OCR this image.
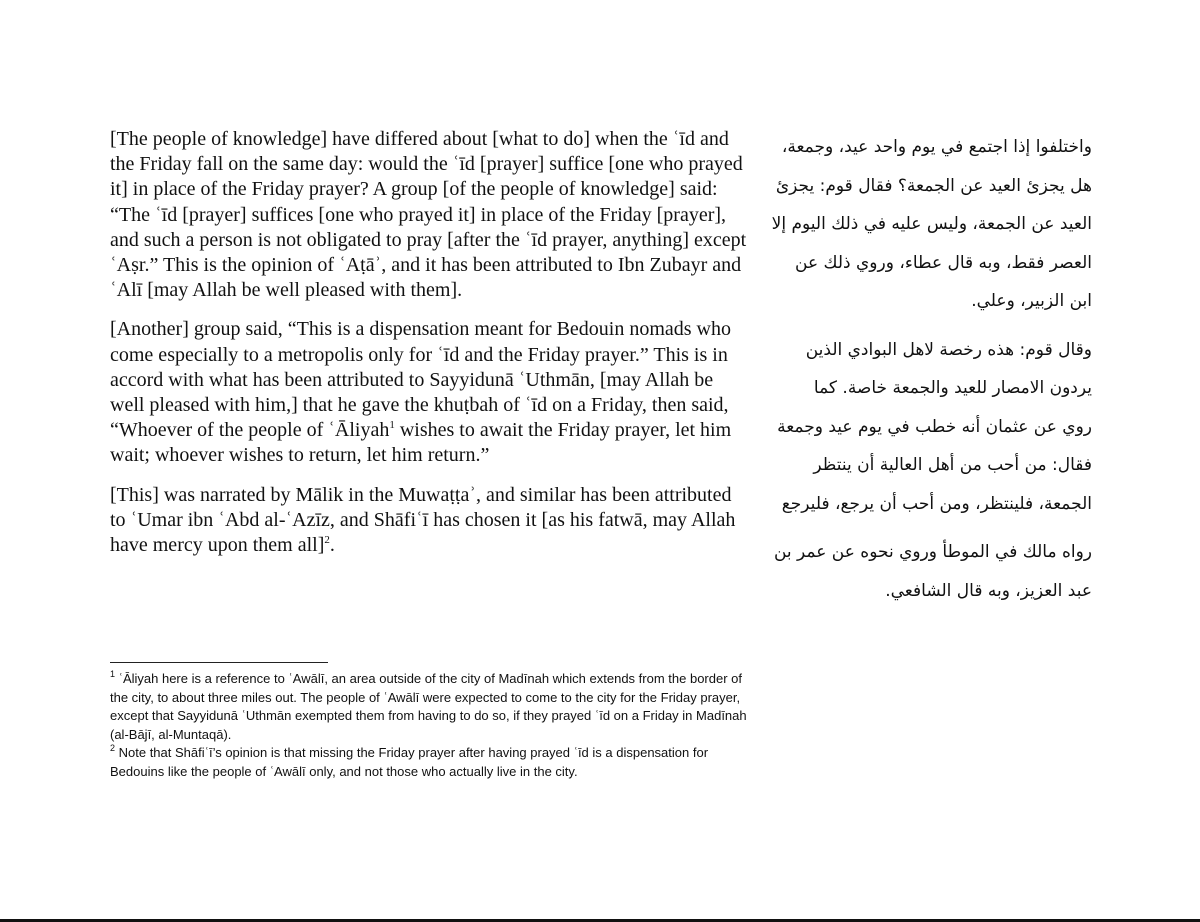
[The people of knowledge] have differed about [what to do] when the ʿīd and the Friday fall on the same day: would the ʿīd [prayer] suffice [one who prayed it] in place of the Friday prayer? A group [of the people of knowledge] said: “The ʿīd [prayer] suffices [one who prayed it] in place of the Friday [prayer], and such a person is not obligated to pray [after the ʿīd prayer, anything] except ʿAṣr.” This is the opinion of ʿAṭāʾ, and it has been attributed to Ibn Zubayr and ʿAlī [may Allah be well pleased with them].

[Another] group said, “This is a dispensation meant for Bedouin nomads who come especially to a metropolis only for ʿīd and the Friday prayer.” This is in accord with what has been attributed to Sayyidunā ʿUthmān, [may Allah be well pleased with him,] that he gave the khuṭbah of ʿīd on a Friday, then said, “Whoever of the people of ʿĀliyah$^1$ wishes to await the Friday prayer, let him wait; whoever wishes to return, let him return.”

[This] was narrated by Mālik in the Muwaṭṭaʾ, and similar has been attributed to ʿUmar ibn ʿAbd al-ʿAzīz, and Shāfiʿī has chosen it [as his fatwā, may Allah have mercy upon them all]$^2$.

واختلفوا إذا اجتمع في يوم واحد عيد، وجمعة،
هل يجزئ العيد عن الجمعة؟ فقال قوم: يجزئ
العيد عن الجمعة، وليس عليه في ذلك اليوم إلا
العصر فقط، وبه قال عطاء، وروي ذلك عن
ابن الزبير، وعلي.

وقال قوم: هذه رخصة لاهل البوادي الذين
يردون الامصار للعيد والجمعة خاصة. كما
روي عن عثمان أنه خطب في يوم عيد وجمعة
فقال: من أحب من أهل العالية أن ينتظر
الجمعة، فلينتظر، ومن أحب أن يرجع، فليرجع

رواه مالك في الموطأ وروي نحوه عن عمر بن
عبد العزيز، وبه قال الشافعي.

$^1$ ʿĀliyah here is a reference to ʿAwālī, an area outside of the city of Madīnah which extends from the border of the city, to about three miles out. The people of ʿAwālī were expected to come to the city for the Friday prayer, except that Sayyidunā ʿUthmān exempted them from having to do so, if they prayed ʿīd on a Friday in Madīnah (al-Bājī, al-Muntaqā).

$^2$ Note that Shāfiʿī’s opinion is that missing the Friday prayer after having prayed ʿīd is a dispensation for Bedouins like the people of ʿAwālī only, and not those who actually live in the city.
